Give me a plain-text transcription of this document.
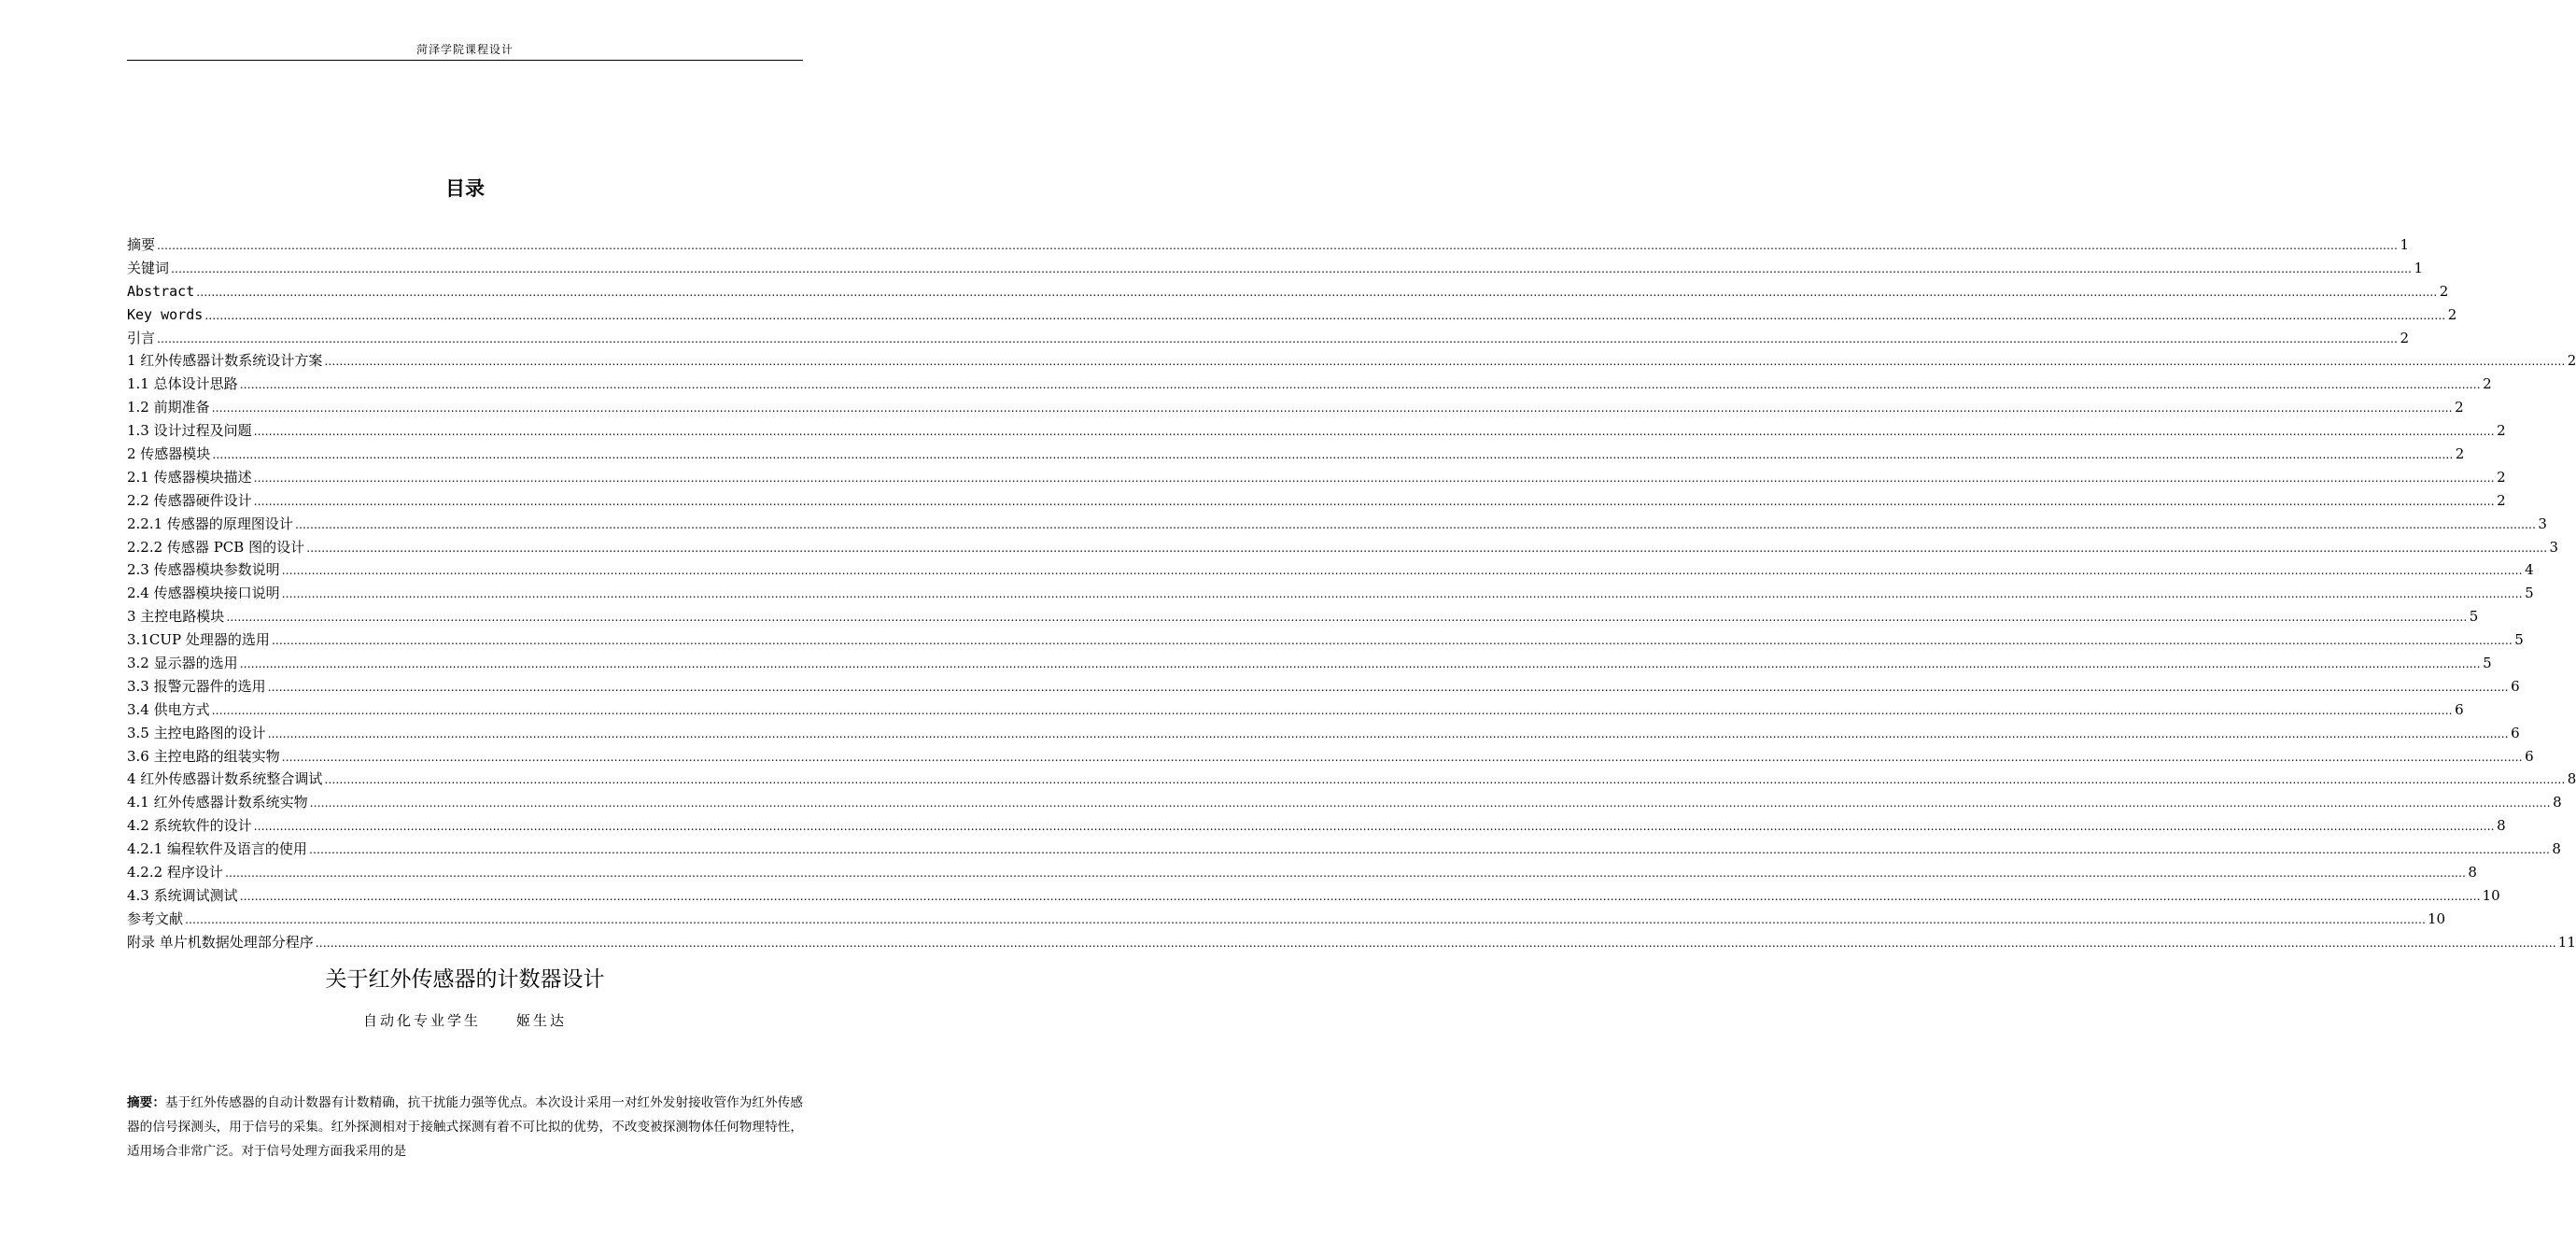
菏泽学院课程设计
目录
摘要 …………………………………………………………………………………………………………………………………………………………………………………………………………………………………………………………………………………………………………………………………………………………………………………………………………………………………………………………………………………………………………………………………………………… 1
关键词 …………………………………………………………………………………………………………………………………………………………………………………………………………………………………………………………………………………………………………………………………………………………………………………………………………………………………………………………………………………………………………………………………………………… 1
Abstract …………………………………………………………………………………………………………………………………………………………………………………………………………………………………………………………………………………………………………………………………………………………………………………………………………………………………………………………………………………………………………………………………………………… 2
Key words …………………………………………………………………………………………………………………………………………………………………………………………………………………………………………………………………………………………………………………………………………………………………………………………………………………………………………………………………………………………………………………………………………………… 2
引言 …………………………………………………………………………………………………………………………………………………………………………………………………………………………………………………………………………………………………………………………………………………………………………………………………………………………………………………………………………………………………………………………………………………… 2
1 红外传感器计数系统设计方案 …………………………………………………………………………………………………………………………………………………………………………………………………………………………………………………………………………………………………………………………………………………………………………………………………………………………………………………………………………………………………………………………………………………… 2
1.1 总体设计思路 …………………………………………………………………………………………………………………………………………………………………………………………………………………………………………………………………………………………………………………………………………………………………………………………………………………………………………………………………………………………………………………………………………………… 2
1.2 前期准备 …………………………………………………………………………………………………………………………………………………………………………………………………………………………………………………………………………………………………………………………………………………………………………………………………………………………………………………………………………………………………………………………………………………… 2
1.3 设计过程及问题 …………………………………………………………………………………………………………………………………………………………………………………………………………………………………………………………………………………………………………………………………………………………………………………………………………………………………………………………………………………………………………………………………………………… 2
2 传感器模块 …………………………………………………………………………………………………………………………………………………………………………………………………………………………………………………………………………………………………………………………………………………………………………………………………………………………………………………………………………………………………………………………………………………… 2
2.1 传感器模块描述 …………………………………………………………………………………………………………………………………………………………………………………………………………………………………………………………………………………………………………………………………………………………………………………………………………………………………………………………………………………………………………………………………………………… 2
2.2 传感器硬件设计 …………………………………………………………………………………………………………………………………………………………………………………………………………………………………………………………………………………………………………………………………………………………………………………………………………………………………………………………………………………………………………………………………………………… 2
2.2.1 传感器的原理图设计 …………………………………………………………………………………………………………………………………………………………………………………………………………………………………………………………………………………………………………………………………………………………………………………………………………………………………………………………………………………………………………………………………………………… 3
2.2.2 传感器 PCB 图的设计 …………………………………………………………………………………………………………………………………………………………………………………………………………………………………………………………………………………………………………………………………………………………………………………………………………………………………………………………………………………………………………………………………………………… 3
2.3 传感器模块参数说明 …………………………………………………………………………………………………………………………………………………………………………………………………………………………………………………………………………………………………………………………………………………………………………………………………………………………………………………………………………………………………………………………………………………… 4
2.4 传感器模块接口说明 …………………………………………………………………………………………………………………………………………………………………………………………………………………………………………………………………………………………………………………………………………………………………………………………………………………………………………………………………………………………………………………………………………………… 5
3 主控电路模块 …………………………………………………………………………………………………………………………………………………………………………………………………………………………………………………………………………………………………………………………………………………………………………………………………………………………………………………………………………………………………………………………………………………… 5
3.1CUP 处理器的选用 …………………………………………………………………………………………………………………………………………………………………………………………………………………………………………………………………………………………………………………………………………………………………………………………………………………………………………………………………………………………………………………………………………………… 5
3.2 显示器的选用 …………………………………………………………………………………………………………………………………………………………………………………………………………………………………………………………………………………………………………………………………………………………………………………………………………………………………………………………………………………………………………………………………………………… 5
3.3 报警元器件的选用 …………………………………………………………………………………………………………………………………………………………………………………………………………………………………………………………………………………………………………………………………………………………………………………………………………………………………………………………………………………………………………………………………………………… 6
3.4 供电方式 …………………………………………………………………………………………………………………………………………………………………………………………………………………………………………………………………………………………………………………………………………………………………………………………………………………………………………………………………………………………………………………………………………………… 6
3.5 主控电路图的设计 …………………………………………………………………………………………………………………………………………………………………………………………………………………………………………………………………………………………………………………………………………………………………………………………………………………………………………………………………………………………………………………………………………………… 6
3.6 主控电路的组装实物 …………………………………………………………………………………………………………………………………………………………………………………………………………………………………………………………………………………………………………………………………………………………………………………………………………………………………………………………………………………………………………………………………………………… 6
4 红外传感器计数系统整合调试 …………………………………………………………………………………………………………………………………………………………………………………………………………………………………………………………………………………………………………………………………………………………………………………………………………………………………………………………………………………………………………………………………………………… 8
4.1 红外传感器计数系统实物 …………………………………………………………………………………………………………………………………………………………………………………………………………………………………………………………………………………………………………………………………………………………………………………………………………………………………………………………………………………………………………………………………………………… 8
4.2 系统软件的设计 …………………………………………………………………………………………………………………………………………………………………………………………………………………………………………………………………………………………………………………………………………………………………………………………………………………………………………………………………………………………………………………………………………………… 8
4.2.1 编程软件及语言的使用 …………………………………………………………………………………………………………………………………………………………………………………………………………………………………………………………………………………………………………………………………………………………………………………………………………………………………………………………………………………………………………………………………………………… 8
4.2.2 程序设计 …………………………………………………………………………………………………………………………………………………………………………………………………………………………………………………………………………………………………………………………………………………………………………………………………………………………………………………………………………………………………………………………………………………… 8
4.3 系统调试测试 …………………………………………………………………………………………………………………………………………………………………………………………………………………………………………………………………………………………………………………………………………………………………………………………………………………………………………………………………………………………………………………………………………………… 10
参考文献 …………………………………………………………………………………………………………………………………………………………………………………………………………………………………………………………………………………………………………………………………………………………………………………………………………………………………………………………………………………………………………………………………………………… 10
附录 单片机数据处理部分程序 …………………………………………………………………………………………………………………………………………………………………………………………………………………………………………………………………………………………………………………………………………………………………………………………………………………………………………………………………………………………………………………………………………………… 11
关于红外传感器的计数器设计
自动化专业学生	姬生达
摘要：基于红外传感器的自动计数器有计数精确，抗干扰能力强等优点。本次设计采用一对红外发射接收管作为红外传感器的信号探测头，用于信号的采集。红外探测相对于接触式探测有着不可比拟的优势，不改变被探测物体任何物理特性，适用场合非常广泛。对于信号处理方面我采用的是
